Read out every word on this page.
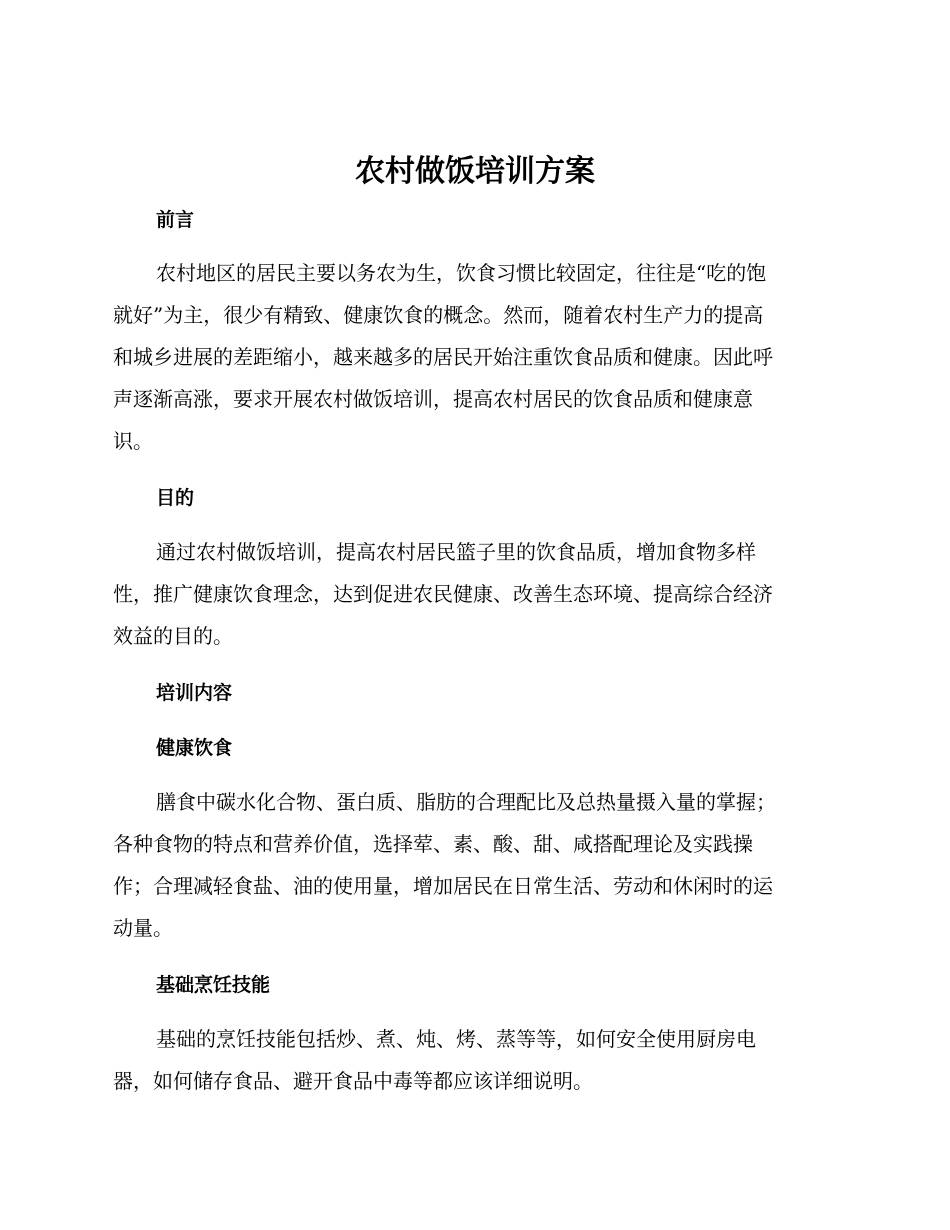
农村做饭培训方案
前言
农村地区的居民主要以务农为生，饮食习惯比较固定，往往是“吃的饱
就好”为主，很少有精致、健康饮食的概念。然而，随着农村生产力的提高
和城乡进展的差距缩小，越来越多的居民开始注重饮食品质和健康。因此呼
声逐渐高涨，要求开展农村做饭培训，提高农村居民的饮食品质和健康意
识。
目的
通过农村做饭培训，提高农村居民篮子里的饮食品质，增加食物多样
性，推广健康饮食理念，达到促进农民健康、改善生态环境、提高综合经济
效益的目的。
培训内容
健康饮食
膳食中碳水化合物、蛋白质、脂肪的合理配比及总热量摄入量的掌握；
各种食物的特点和营养价值，选择荤、素、酸、甜、咸搭配理论及实践操
作；合理减轻食盐、油的使用量，增加居民在日常生活、劳动和休闲时的运
动量。
基础烹饪技能
基础的烹饪技能包括炒、煮、炖、烤、蒸等等，如何安全使用厨房电
器，如何储存食品、避开食品中毒等都应该详细说明。
